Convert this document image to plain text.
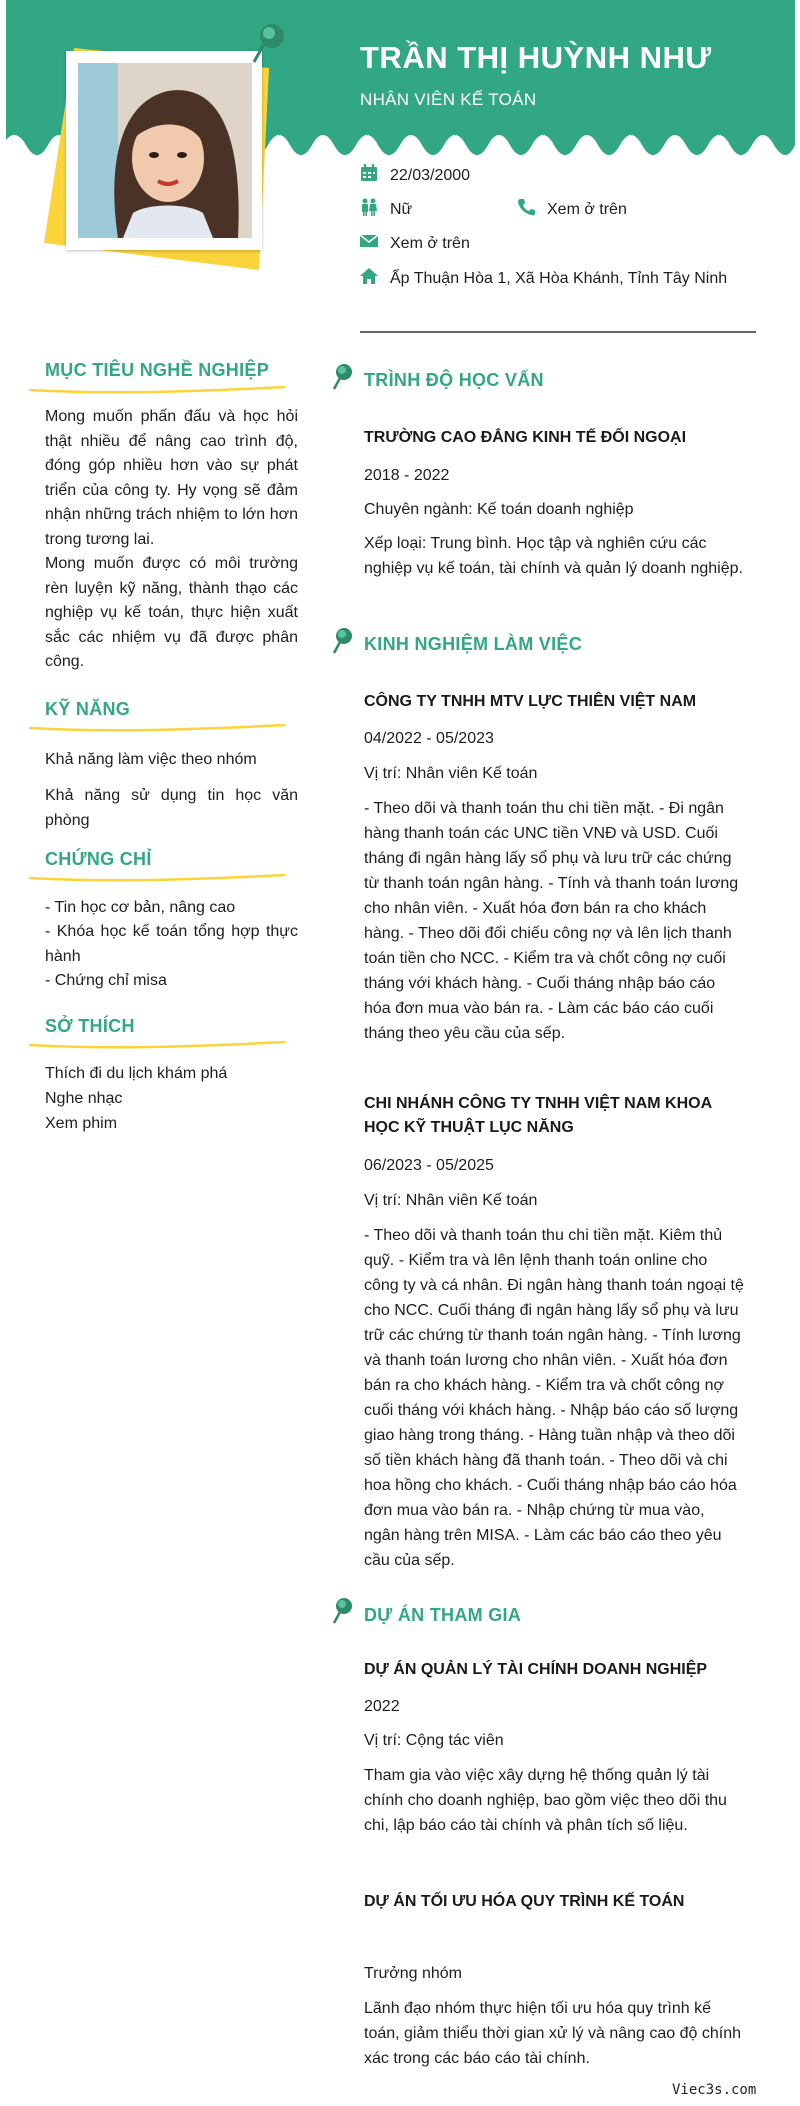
TRẦN THỊ HUỲNH NHƯ

NHÂN VIÊN KẾ TOÁN

22/03/2000
Nữ	Xem ở trên
Xem ở trên
Ấp Thuận Hòa 1, Xã Hòa Khánh, Tỉnh Tây Ninh
MỤC TIÊU NGHỀ NGHIỆP

Mong muốn phấn đấu và học hỏi thật nhiều để nâng cao trình độ, đóng góp nhiều hơn vào sự phát triển của công ty. Hy vọng sẽ đảm nhận những trách nhiệm to lớn hơn trong tương lai.

Mong muốn được có môi trường rèn luyện kỹ năng, thành thạo các nghiệp vụ kế toán, thực hiện xuất sắc các nhiệm vụ đã được phân công.

KỸ NĂNG

Khả năng làm việc theo nhóm

Khả năng sử dụng tin học văn phòng

CHỨNG CHỈ

- Tin học cơ bản, nâng cao

- Khóa học kế toán tổng hợp thực hành

- Chứng chỉ misa

SỞ THÍCH

Thích đi du lịch khám phá

Nghe nhạc

Xem phim

TRÌNH ĐỘ HỌC VẤN

TRƯỜNG CAO ĐẲNG KINH TẾ ĐỐI NGOẠI

2018 - 2022

Chuyên ngành: Kế toán doanh nghiệp

Xếp loại: Trung bình. Học tập và nghiên cứu các nghiệp vụ kế toán, tài chính và quản lý doanh nghiệp.

KINH NGHIỆM LÀM VIỆC

CÔNG TY TNHH MTV LỰC THIÊN VIỆT NAM

04/2022 - 05/2023

Vị trí: Nhân viên Kế toán

- Theo dõi và thanh toán thu chi tiền mặt. - Đi ngân hàng thanh toán các UNC tiền VNĐ và USD. Cuối tháng đi ngân hàng lấy sổ phụ và lưu trữ các chứng từ thanh toán ngân hàng. - Tính và thanh toán lương cho nhân viên. - Xuất hóa đơn bán ra cho khách hàng. - Theo dõi đối chiếu công nợ và lên lịch thanh toán tiền cho NCC. - Kiểm tra và chốt công nợ cuối tháng với khách hàng. - Cuối tháng nhập báo cáo hóa đơn mua vào bán ra. - Làm các báo cáo cuối tháng theo yêu cầu của sếp.

CHI NHÁNH CÔNG TY TNHH VIỆT NAM KHOA HỌC KỸ THUẬT LỤC NĂNG

06/2023 - 05/2025

Vị trí: Nhân viên Kế toán

- Theo dõi và thanh toán thu chi tiền mặt. Kiêm thủ quỹ. - Kiểm tra và lên lệnh thanh toán online cho công ty và cá nhân. Đi ngân hàng thanh toán ngoại tệ cho NCC. Cuối tháng đi ngân hàng lấy sổ phụ và lưu trữ các chứng từ thanh toán ngân hàng. - Tính lương và thanh toán lương cho nhân viên. - Xuất hóa đơn bán ra cho khách hàng. - Kiểm tra và chốt công nợ cuối tháng với khách hàng. - Nhập báo cáo số lượng giao hàng trong tháng. - Hàng tuần nhập và theo dõi số tiền khách hàng đã thanh toán. - Theo dõi và chi hoa hồng cho khách. - Cuối tháng nhập báo cáo hóa đơn mua vào bán ra. - Nhập chứng từ mua vào, ngân hàng trên MISA. - Làm các báo cáo theo yêu cầu của sếp.

DỰ ÁN THAM GIA

DỰ ÁN QUẢN LÝ TÀI CHÍNH DOANH NGHIỆP

2022

Vị trí: Cộng tác viên

Tham gia vào việc xây dựng hệ thống quản lý tài chính cho doanh nghiệp, bao gồm việc theo dõi thu chi, lập báo cáo tài chính và phân tích số liệu.

DỰ ÁN TỐI ƯU HÓA QUY TRÌNH KẾ TOÁN

Trưởng nhóm

Lãnh đạo nhóm thực hiện tối ưu hóa quy trình kế toán, giảm thiểu thời gian xử lý và nâng cao độ chính xác trong các báo cáo tài chính.

Viec3s.com
